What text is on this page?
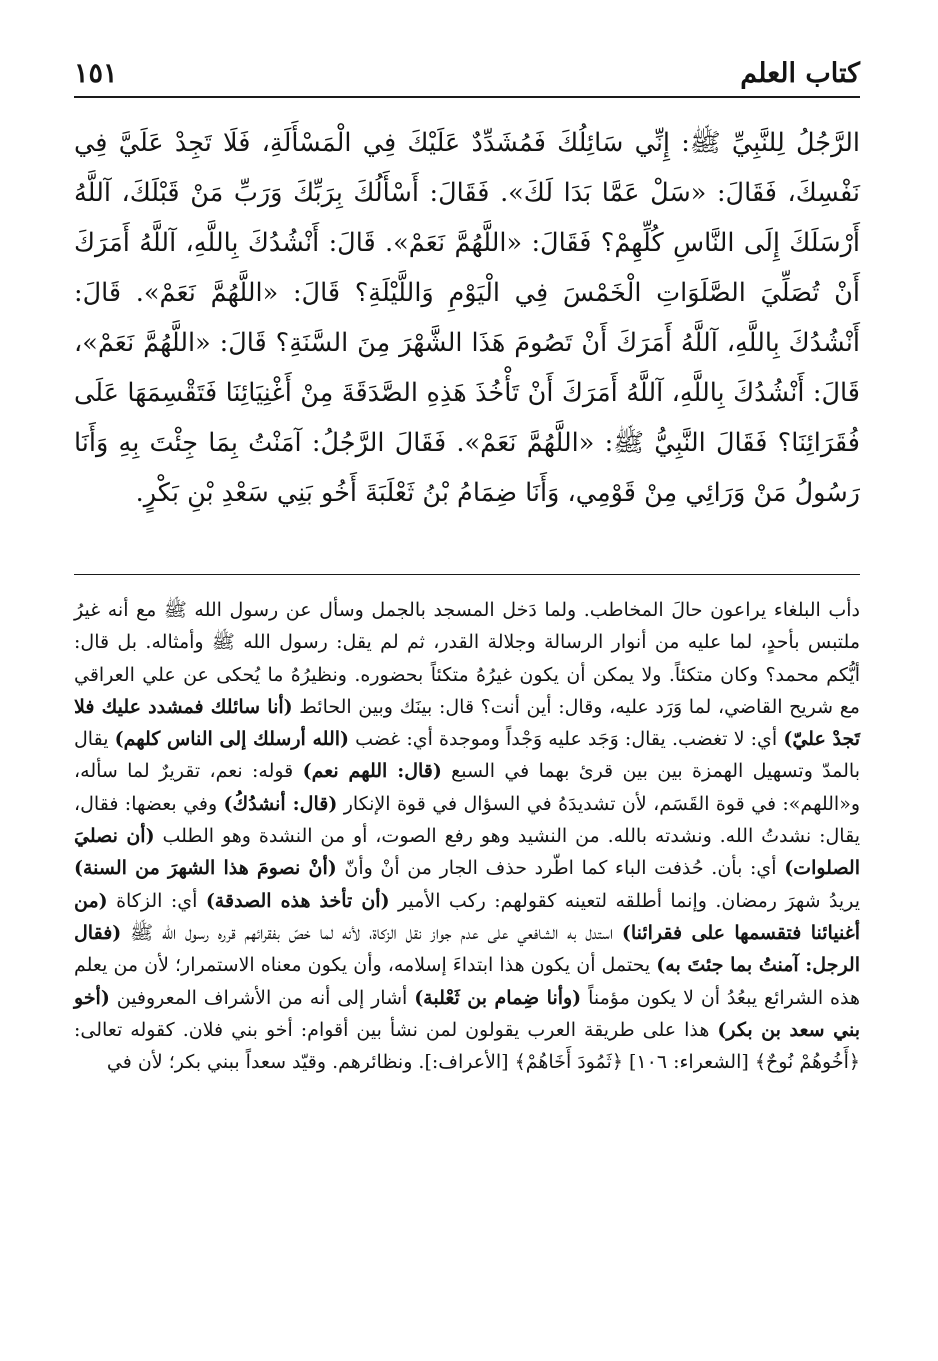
كتاب العلم
١٥١

الرَّجُلُ لِلنَّبِيِّ ﷺ: إِنِّي سَائِلُكَ فَمُشَدِّدٌ عَلَيْكَ فِي الْمَسْأَلَةِ، فَلَا تَجِدْ عَلَيَّ فِي نَفْسِكَ، فَقَالَ: «سَلْ عَمَّا بَدَا لَكَ». فَقَالَ: أَسْأَلُكَ بِرَبِّكَ وَرَبِّ مَنْ قَبْلَكَ، آللَّهُ أَرْسَلَكَ إِلَى النَّاسِ كُلِّهِمْ؟ فَقَالَ: «اللَّهُمَّ نَعَمْ». قَالَ: أَنْشُدُكَ بِاللَّهِ، آللَّهُ أَمَرَكَ أَنْ تُصَلِّيَ الصَّلَوَاتِ الْخَمْسَ فِي الْيَوْمِ وَاللَّيْلَةِ؟ قَالَ: «اللَّهُمَّ نَعَمْ». قَالَ: أَنْشُدُكَ بِاللَّهِ، آللَّهُ أَمَرَكَ أَنْ تَصُومَ هَذَا الشَّهْرَ مِنَ السَّنَةِ؟ قَالَ: «اللَّهُمَّ نَعَمْ»، قَالَ: أَنْشُدُكَ بِاللَّهِ، آللَّهُ أَمَرَكَ أَنْ تَأْخُذَ هَذِهِ الصَّدَقَةَ مِنْ أَغْنِيَائِنَا فَتَقْسِمَهَا عَلَى فُقَرَائِنَا؟ فَقَالَ النَّبِيُّ ﷺ: «اللَّهُمَّ نَعَمْ». فَقَالَ الرَّجُلُ: آمَنْتُ بِمَا جِئْتَ بِهِ وَأَنَا رَسُولُ مَنْ وَرَائِي مِنْ قَوْمِي، وَأَنَا ضِمَامُ بْنُ ثَعْلَبَةَ أَخُو بَنِي سَعْدِ بْنِ بَكْرٍ.

دأب البلغاء يراعون حالَ المخاطب. ولما دَخل المسجد بالجمل وسأل عن رسول الله ﷺ مع أنه غيرُ ملتبس بأحدٍ، لما عليه من أنوار الرسالة وجلالة القدر، ثم لم يقل: رسول الله ﷺ وأمثاله. بل قال: أيُّكم محمد؟ وكان متكئاً. ولا يمكن أن يكون غيرُهُ متكئاً بحضوره. ونظيرُهُ ما يُحكى عن علي العراقي مع شريح القاضي، لما وَرَد عليه، وقال: أين أنت؟ قال: بينَك وبين الحائط (أنا سائلك فمشدد عليك فلا تَجدْ عليّ) أي: لا تغضب. يقال: وَجَد عليه وَجْداً وموجدة أي: غضب (الله أرسلك إلى الناس كلهم) يقال بالمدّ وتسهيل الهمزة بين بين قرئ بهما في السبع (قال: اللهم نعم) قوله: نعم، تقريرٌ لما سأله، و«اللهم»: في قوة القَسَم، لأن تشديدَهُ في السؤال في قوة الإنكار (قال: أنشدُكُ) وفي بعضها: فقال، يقال: نشدتُ الله. ونشدته بالله. من النشيد وهو رفع الصوت، أو من النشدة وهو الطلب (أن نصليَ الصلوات) أي: بأن. حُذفت الباء كما اطّرد حذف الجار من أنْ وأنّ (أنْ نصومَ هذا الشهرَ من السنة) يريدُ شهرَ رمضان. وإنما أطلقه لتعينه كقولهم: ركب الأمير (أن تأخذ هذه الصدقة) أي: الزكاة (من أغنيائنا فتقسمها على فقرائنا) استدل به الشافعي على عدم جواز نقل الزكاة، لأنه لما خصّ بفقرائهم قرره رسول الله ﷺ (فقال الرجل: آمنتُ بما جئتَ به) يحتمل أن يكون هذا ابتداءَ إسلامه، وأن يكون معناه الاستمرار؛ لأن من يعلم هذه الشرائع يبعُدُ أن لا يكون مؤمناً (وأنا ضِمام بن ثَعْلبة) أشار إلى أنه من الأشراف المعروفين (أخو بني سعد بن بكر) هذا على طريقة العرب يقولون لمن نشأ بين أقوام: أخو بني فلان. كقوله تعالى: ﴿أَخُوهُمْ نُوحٌ﴾ [الشعراء: ١٠٦] ﴿ثَمُودَ أَخَاهُمْ﴾ [الأعراف:]. ونظائرهم. وقيّد سعداً ببني بكر؛ لأن في
